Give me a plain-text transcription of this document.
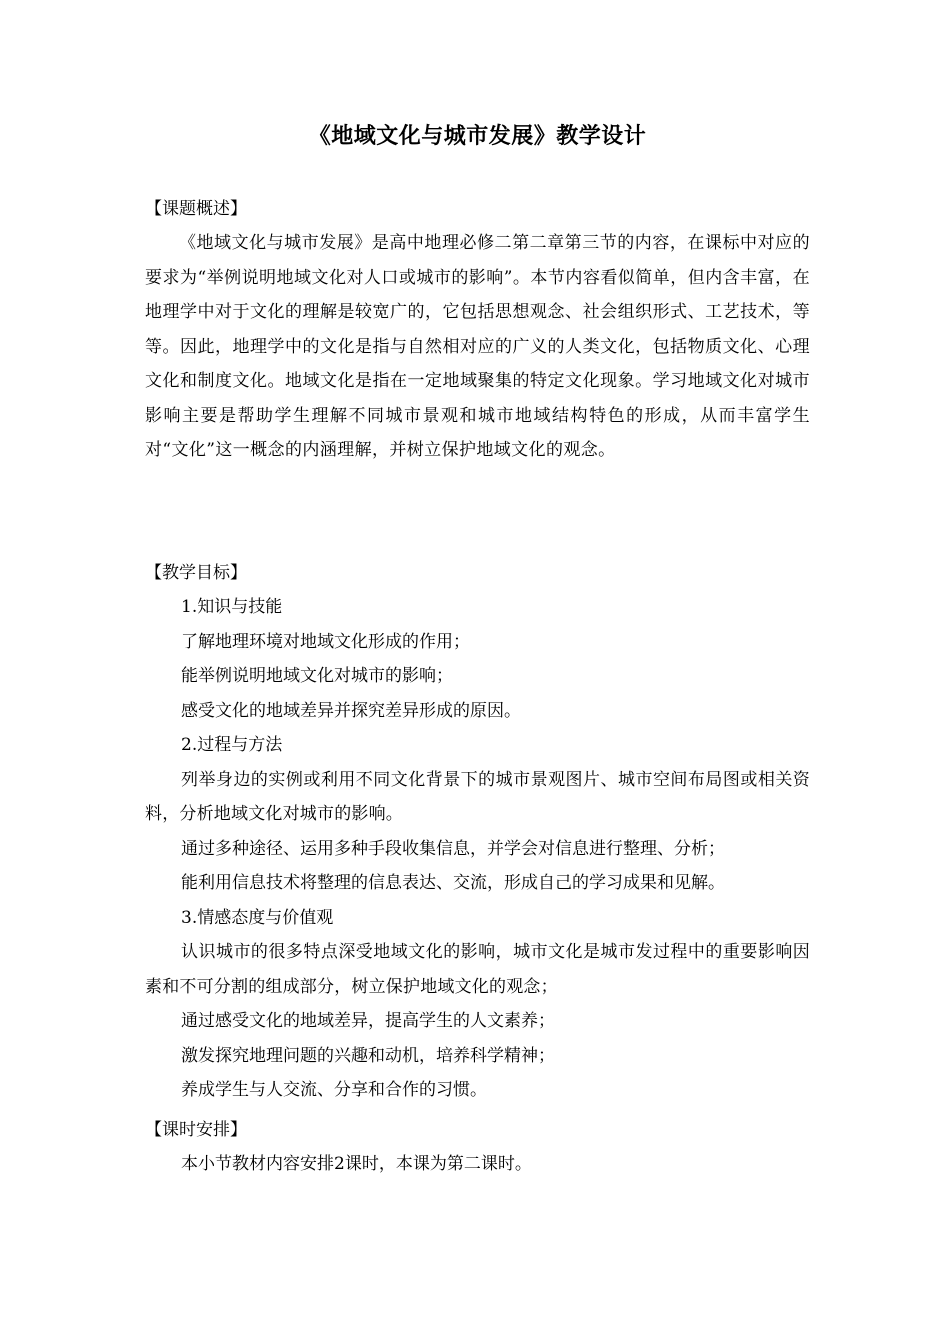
《地域文化与城市发展》教学设计
【课题概述】

《地域文化与城市发展》是高中地理必修二第二章第三节的内容，在课标中对应的要求为“举例说明地域文化对人口或城市的影响”。本节内容看似简单，但内含丰富，在地理学中对于文化的理解是较宽广的，它包括思想观念、社会组织形式、工艺技术，等等。因此，地理学中的文化是指与自然相对应的广义的人类文化，包括物质文化、心理文化和制度文化。地域文化是指在一定地域聚集的特定文化现象。学习地域文化对城市影响主要是帮助学生理解不同城市景观和城市地域结构特色的形成，从而丰富学生对“文化”这一概念的内涵理解，并树立保护地域文化的观念。

【教学目标】

1.知识与技能

了解地理环境对地域文化形成的作用；

能举例说明地域文化对城市的影响；

感受文化的地域差异并探究差异形成的原因。

2.过程与方法

列举身边的实例或利用不同文化背景下的城市景观图片、城市空间布局图或相关资料，分析地域文化对城市的影响。

通过多种途径、运用多种手段收集信息，并学会对信息进行整理、分析；

能利用信息技术将整理的信息表达、交流，形成自己的学习成果和见解。

3.情感态度与价值观

认识城市的很多特点深受地域文化的影响，城市文化是城市发过程中的重要影响因素和不可分割的组成部分，树立保护地域文化的观念；

通过感受文化的地域差异，提高学生的人文素养；

激发探究地理问题的兴趣和动机，培养科学精神；

养成学生与人交流、分享和合作的习惯。

【课时安排】

本小节教材内容安排2课时，本课为第二课时。
